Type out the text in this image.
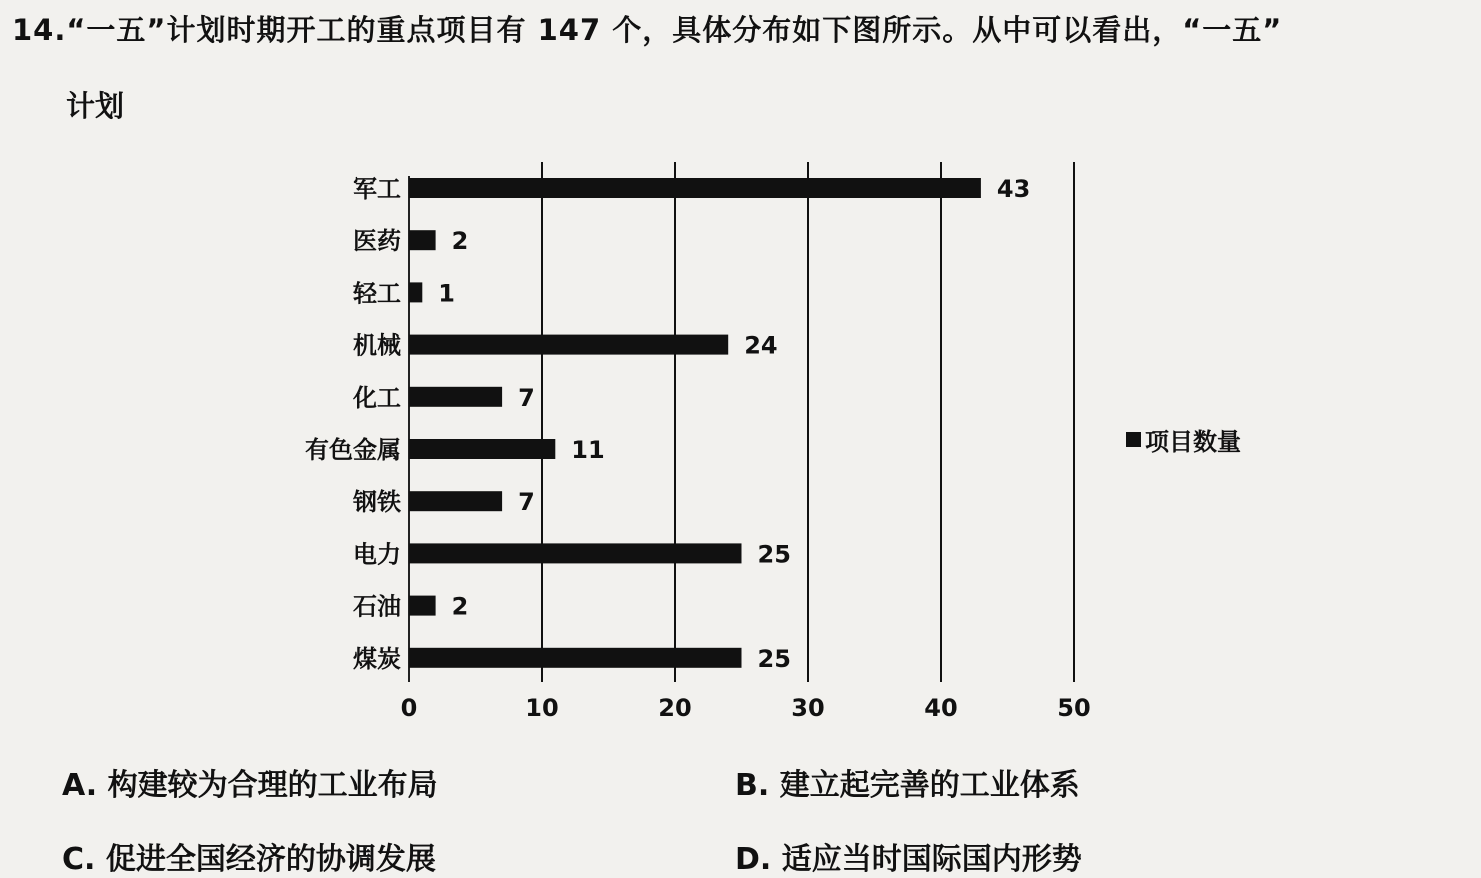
14.“一五”计划时期开工的重点项目有 147 个，具体分布如下图所示。从中可以看出，“一五”
计划
0	10	20	30	40	50
军工	43
医药 2
轻工 1
机械	24
化工	7
有色金属	11
钢铁	7
电力	25
石油 2
煤炭	25
项目数量
A. 构建较为合理的工业布局	B. 建立起完善的工业体系
C. 促进全国经济的协调发展	D. 适应当时国际国内形势
